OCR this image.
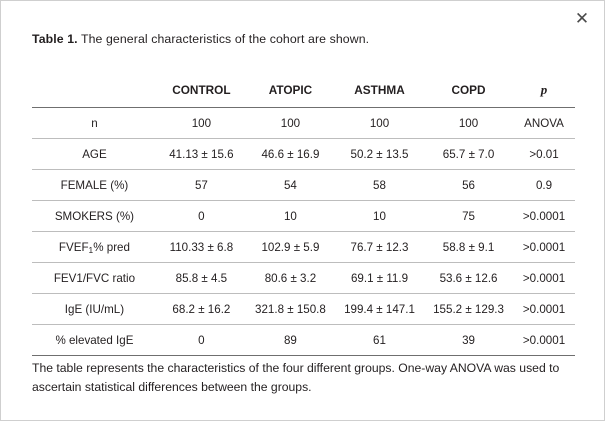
✕
Table 1. The general characteristics of the cohort are shown.
	CONTROL	ATOPIC	ASTHMA	COPD	p
n	100	100	100	100	ANOVA
AGE	41.13 ± 15.6	46.6 ± 16.9	50.2 ± 13.5	65.7 ± 7.0	>0.01
FEMALE (%)	57	54	58	56	0.9
SMOKERS (%)	0	10	10	75	>0.0001
FVEF1% pred	110.33 ± 6.8	102.9 ± 5.9	76.7 ± 12.3	58.8 ± 9.1	>0.0001
FEV1/FVC ratio	85.8 ± 4.5	80.6 ± 3.2	69.1 ± 11.9	53.6 ± 12.6	>0.0001
IgE (IU/mL)	68.2 ± 16.2	321.8 ± 150.8	199.4 ± 147.1	155.2 ± 129.3	>0.0001
% elevated IgE	0	89	61	39	>0.0001
The table represents the characteristics of the four different groups. One-way ANOVA was used to ascertain statistical differences between the groups.
